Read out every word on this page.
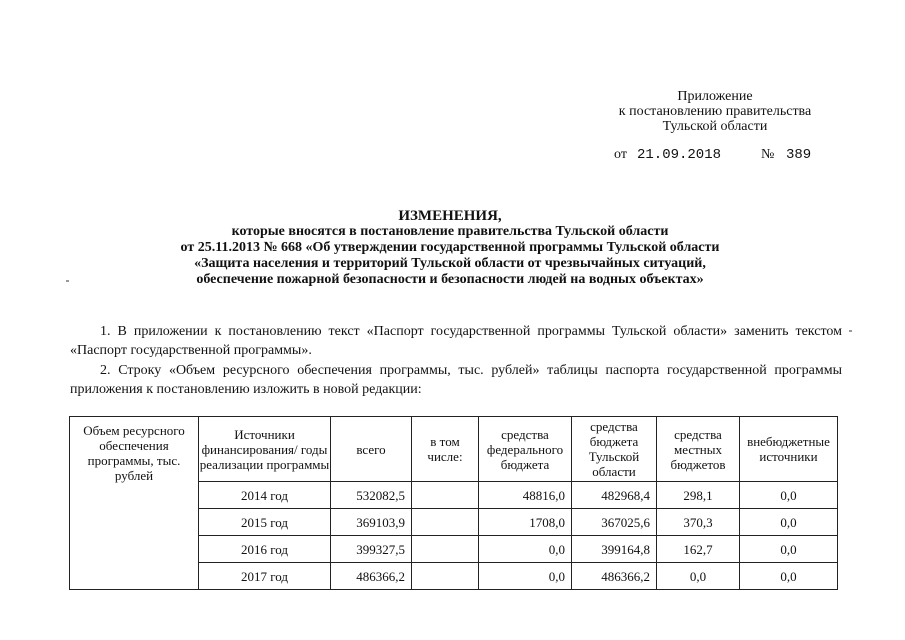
Приложение
к постановлению правительства
Тульской области
от 21.09.2018	№ 389
ИЗМЕНЕНИЯ,
которые вносятся в постановление правительства Тульской области
от 25.11.2013 № 668 «Об утверждении государственной программы Тульской области
«Защита населения и территорий Тульской области от чрезвычайных ситуаций,
обеспечение пожарной безопасности и безопасности людей на водных объектах»
1. В приложении к постановлению текст «Паспорт государственной программы Тульской области» заменить текстом «Паспорт государственной программы».
2. Строку «Объем ресурсного обеспечения программы, тыс. рублей» таблицы паспорта государственной программы приложения к постановлению изложить в новой редакции:
Объем ресурсного обеспечения программы, тыс. рублей	Источники финансирования/ годы реализации программы	всего	в том числе:	средства федерального бюджета	средства бюджета Тульской области	средства местных бюджетов	внебюджетные источники
	2014 год	532082,5		48816,0	482968,4	298,1	0,0
	2015 год	369103,9		1708,0	367025,6	370,3	0,0
	2016 год	399327,5		0,0	399164,8	162,7	0,0
	2017 год	486366,2		0,0	486366,2	0,0	0,0
